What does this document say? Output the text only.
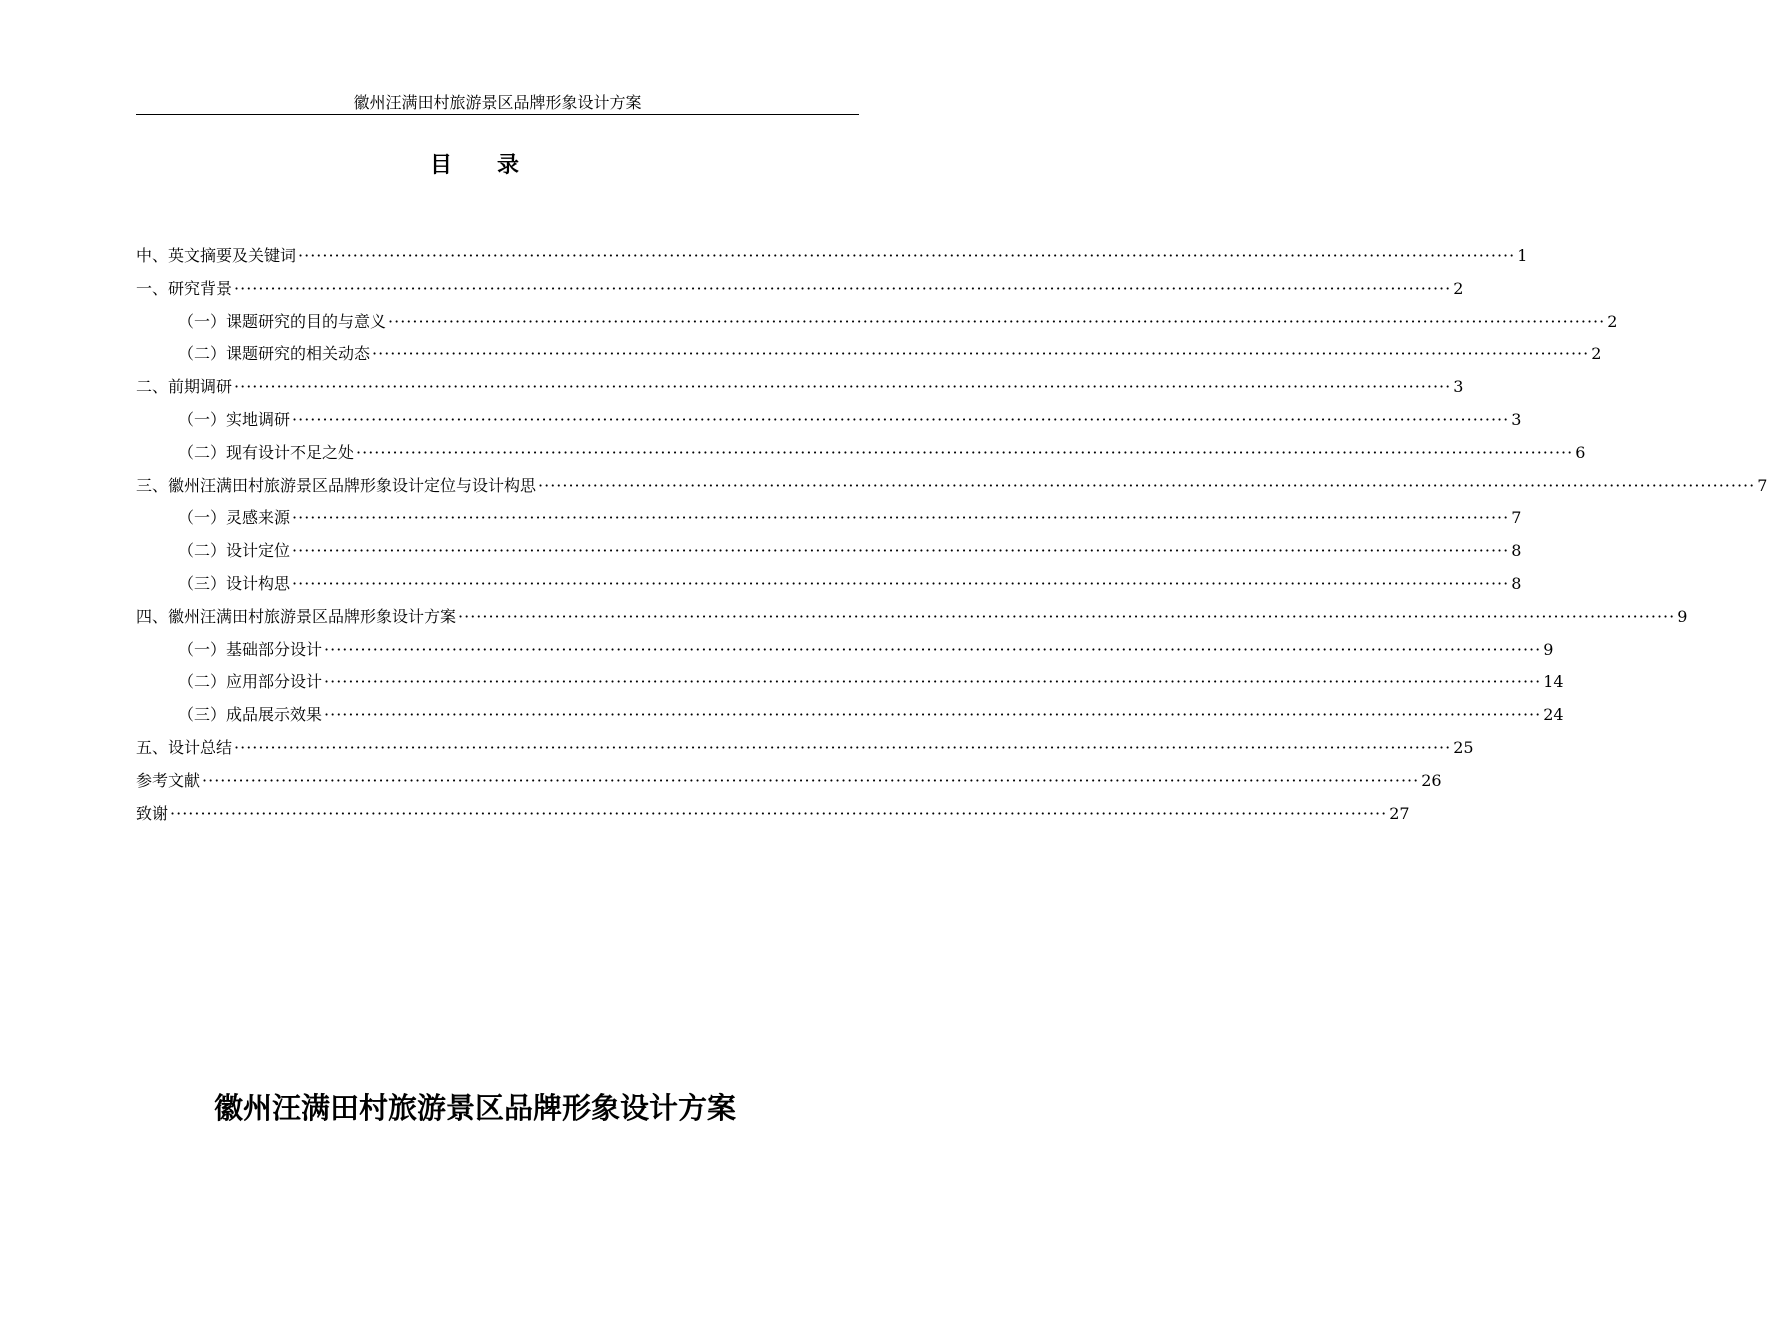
徽州汪满田村旅游景区品牌形象设计方案
目 录
中、英文摘要及关键词 ········································································································································································································ 1
一、研究背景 ········································································································································································································ 2
（一）课题研究的目的与意义 ········································································································································································································ 2
（二）课题研究的相关动态 ········································································································································································································ 2
二、前期调研 ········································································································································································································ 3
（一）实地调研 ········································································································································································································ 3
（二）现有设计不足之处 ········································································································································································································ 6
三、徽州汪满田村旅游景区品牌形象设计定位与设计构思 ········································································································································································································ 7
（一）灵感来源 ········································································································································································································ 7
（二）设计定位 ········································································································································································································ 8
（三）设计构思 ········································································································································································································ 8
四、徽州汪满田村旅游景区品牌形象设计方案 ········································································································································································································ 9
（一）基础部分设计 ········································································································································································································ 9
（二）应用部分设计 ········································································································································································································ 14
（三）成品展示效果 ········································································································································································································ 24
五、设计总结 ········································································································································································································ 25
参考文献 ········································································································································································································ 26
致谢 ········································································································································································································ 27
徽州汪满田村旅游景区品牌形象设计方案
